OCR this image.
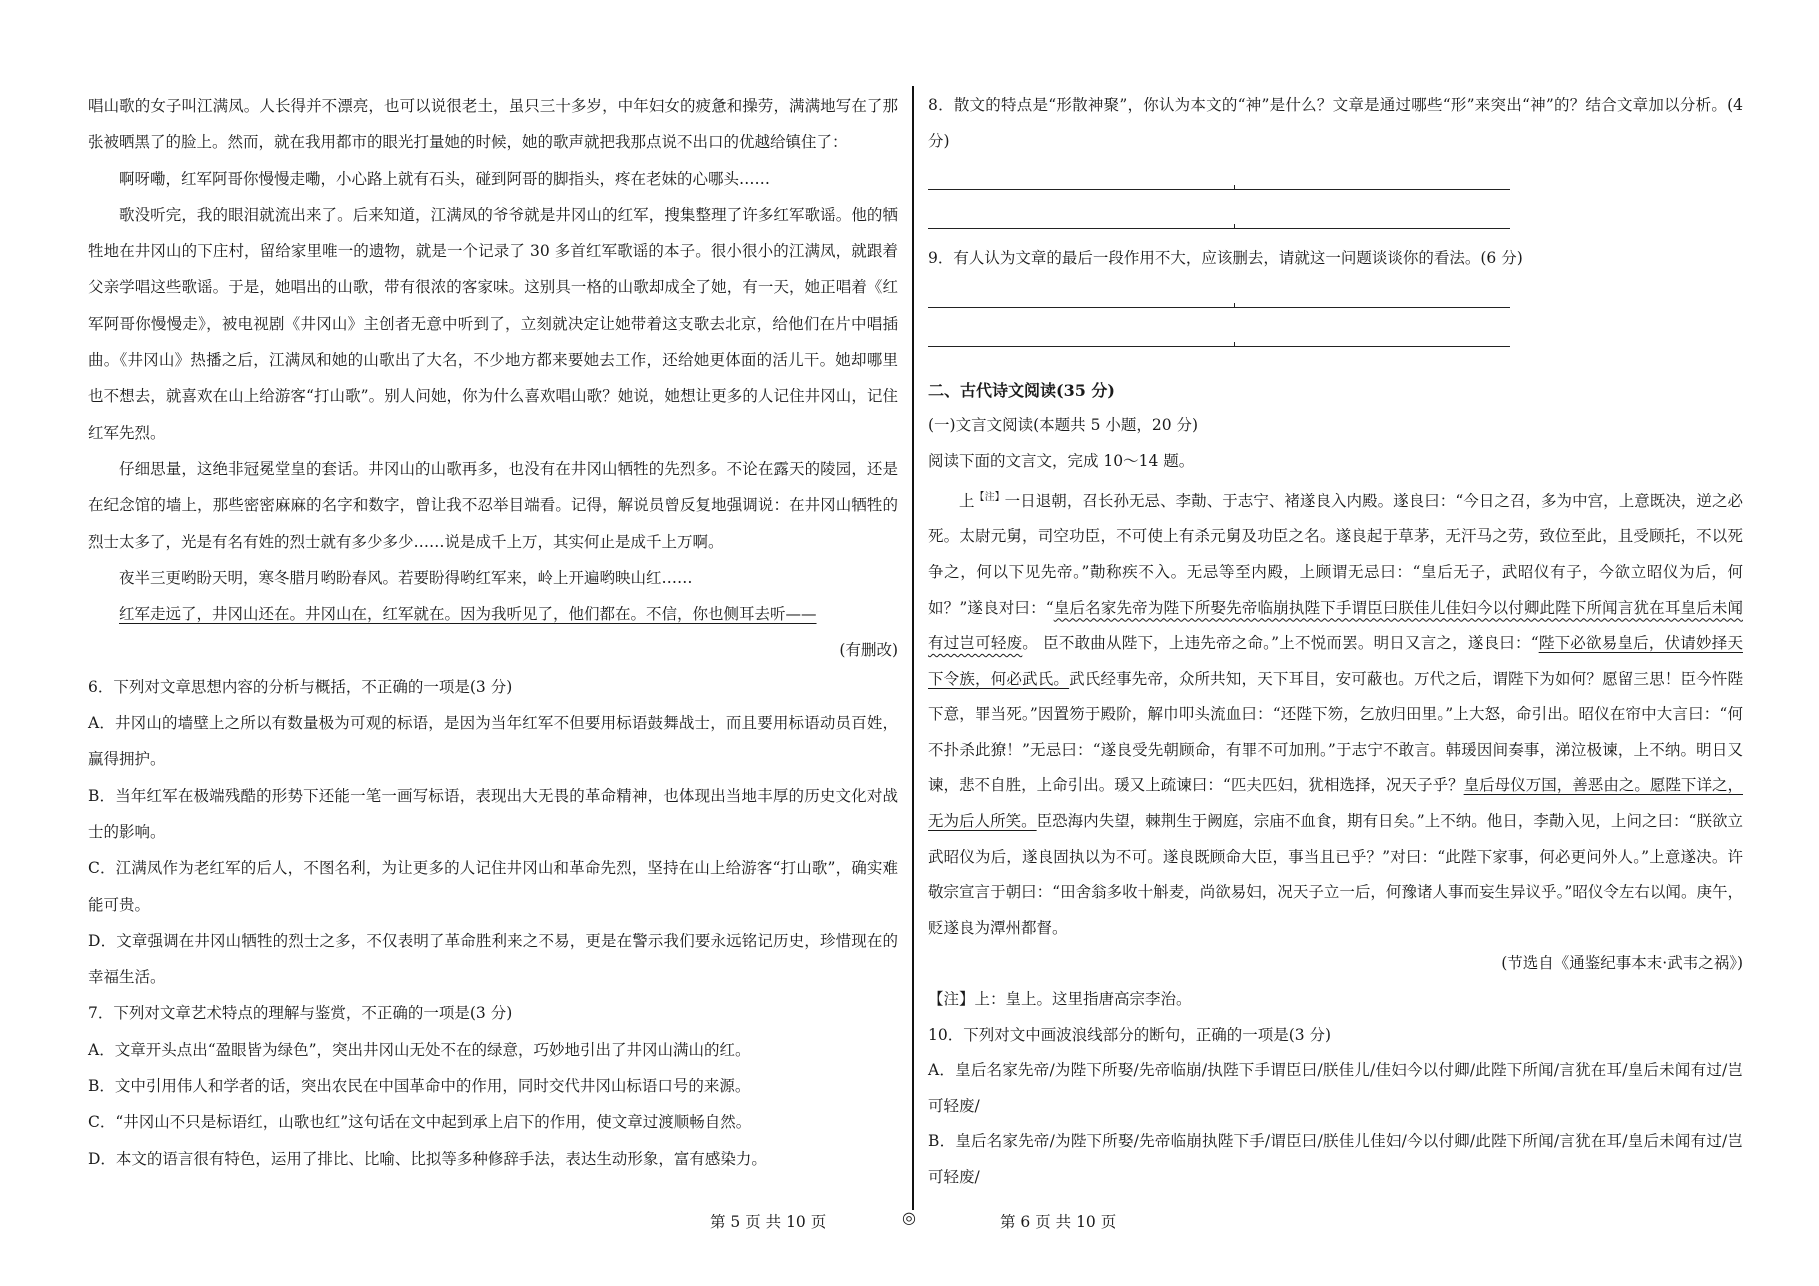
唱山歌的女子叫江满凤。人长得并不漂亮，也可以说很老土，虽只三十多岁，中年妇女的疲惫和操劳，满满地写在了那张被晒黑了的脸上。然而，就在我用都市的眼光打量她的时候，她的歌声就把我那点说不出口的优越给镇住了：

啊呀嘞，红军阿哥你慢慢走嘞，小心路上就有石头，碰到阿哥的脚指头，疼在老妹的心哪头……

歌没听完，我的眼泪就流出来了。后来知道，江满凤的爷爷就是井冈山的红军，搜集整理了许多红军歌谣。他的牺牲地在井冈山的下庄村，留给家里唯一的遗物，就是一个记录了 30 多首红军歌谣的本子。很小很小的江满凤，就跟着父亲学唱这些歌谣。于是，她唱出的山歌，带有很浓的客家味。这别具一格的山歌却成全了她，有一天，她正唱着《红军阿哥你慢慢走》，被电视剧《井冈山》主创者无意中听到了，立刻就决定让她带着这支歌去北京，给他们在片中唱插曲。《井冈山》热播之后，江满凤和她的山歌出了大名，不少地方都来要她去工作，还给她更体面的活儿干。她却哪里也不想去，就喜欢在山上给游客“打山歌”。别人问她，你为什么喜欢唱山歌？她说，她想让更多的人记住井冈山，记住红军先烈。

仔细思量，这绝非冠冕堂皇的套话。井冈山的山歌再多，也没有在井冈山牺牲的先烈多。不论在露天的陵园，还是在纪念馆的墙上，那些密密麻麻的名字和数字，曾让我不忍举目端看。记得，解说员曾反复地强调说：在井冈山牺牲的烈士太多了，光是有名有姓的烈士就有多少多少……说是成千上万，其实何止是成千上万啊。

夜半三更哟盼天明，寒冬腊月哟盼春风。若要盼得哟红军来，岭上开遍哟映山红……

红军走远了，井冈山还在。井冈山在，红军就在。因为我听见了，他们都在。不信，你也侧耳去听——

(有删改)

6．下列对文章思想内容的分析与概括，不正确的一项是(3 分)

A．井冈山的墙壁上之所以有数量极为可观的标语，是因为当年红军不但要用标语鼓舞战士，而且要用标语动员百姓，赢得拥护。

B．当年红军在极端残酷的形势下还能一笔一画写标语，表现出大无畏的革命精神，也体现出当地丰厚的历史文化对战士的影响。

C．江满凤作为老红军的后人，不图名利，为让更多的人记住井冈山和革命先烈，坚持在山上给游客“打山歌”，确实难能可贵。

D．文章强调在井冈山牺牲的烈士之多，不仅表明了革命胜利来之不易，更是在警示我们要永远铭记历史，珍惜现在的幸福生活。

7．下列对文章艺术特点的理解与鉴赏，不正确的一项是(3 分)

A．文章开头点出“盈眼皆为绿色”，突出井冈山无处不在的绿意，巧妙地引出了井冈山满山的红。

B．文中引用伟人和学者的话，突出农民在中国革命中的作用，同时交代井冈山标语口号的来源。

C．“井冈山不只是标语红，山歌也红”这句话在文中起到承上启下的作用，使文章过渡顺畅自然。

D．本文的语言很有特色，运用了排比、比喻、比拟等多种修辞手法，表达生动形象，富有感染力。

8．散文的特点是“形散神聚”，你认为本文的“神”是什么？文章是通过哪些“形”来突出“神”的？结合文章加以分析。(4 分)

9．有人认为文章的最后一段作用不大，应该删去，请就这一问题谈谈你的看法。(6 分)

二、古代诗文阅读(35 分)

(一)文言文阅读(本题共 5 小题，20 分)

阅读下面的文言文，完成 10～14 题。

上$^{【注】}$一日退朝，召长孙无忌、李勣、于志宁、褚遂良入内殿。遂良曰：“今日之召，多为中宫，上意既决，逆之必死。太尉元舅，司空功臣，不可使上有杀元舅及功臣之名。遂良起于草茅，无汗马之劳，致位至此，且受顾托，不以死争之，何以下见先帝。”勣称疾不入。无忌等至内殿，上顾谓无忌曰：“皇后无子，武昭仪有子，今欲立昭仪为后，何如？”遂良对曰：“皇后名家先帝为陛下所娶先帝临崩执陛下手谓臣曰朕佳儿佳妇今以付卿此陛下所闻言犹在耳皇后未闻有过岂可轻废。 臣不敢曲从陛下，上违先帝之命。”上不悦而罢。明日又言之，遂良曰：“陛下必欲易皇后，伏请妙择天下令族，何必武氏。武氏经事先帝，众所共知，天下耳目，安可蔽也。万代之后，谓陛下为如何？愿留三思！臣今忤陛下意，罪当死。”因置笏于殿阶，解巾叩头流血曰：“还陛下笏，乞放归田里。”上大怒，命引出。昭仪在帘中大言曰：“何不扑杀此獠！”无忌曰：“遂良受先朝顾命，有罪不可加刑。”于志宁不敢言。韩瑗因间奏事，涕泣极谏，上不纳。明日又谏，悲不自胜，上命引出。瑗又上疏谏曰：“匹夫匹妇，犹相选择，况天子乎？皇后母仪万国，善恶由之。愿陛下详之，无为后人所笑。臣恐海内失望，棘荆生于阙庭，宗庙不血食，期有日矣。”上不纳。他日，李勣入见，上问之曰：“朕欲立武昭仪为后，遂良固执以为不可。遂良既顾命大臣，事当且已乎？”对曰：“此陛下家事，何必更问外人。”上意遂决。许敬宗宣言于朝曰：“田舍翁多收十斛麦，尚欲易妇，况天子立一后，何豫诸人事而妄生异议乎。”昭仪令左右以闻。庚午，贬遂良为潭州都督。

(节选自《通鉴纪事本末·武韦之祸》)

【注】上：皇上。这里指唐高宗李治。

10．下列对文中画波浪线部分的断句，正确的一项是(3 分)

A．皇后名家先帝/为陛下所娶/先帝临崩/执陛下手谓臣曰/朕佳儿/佳妇今以付卿/此陛下所闻/言犹在耳/皇后未闻有过/岂可轻废/

B．皇后名家先帝/为陛下所娶/先帝临崩执陛下手/谓臣曰/朕佳儿佳妇/今以付卿/此陛下所闻/言犹在耳/皇后未闻有过/岂可轻废/

第 5 页 共 10 页	◎	第 6 页 共 10 页
